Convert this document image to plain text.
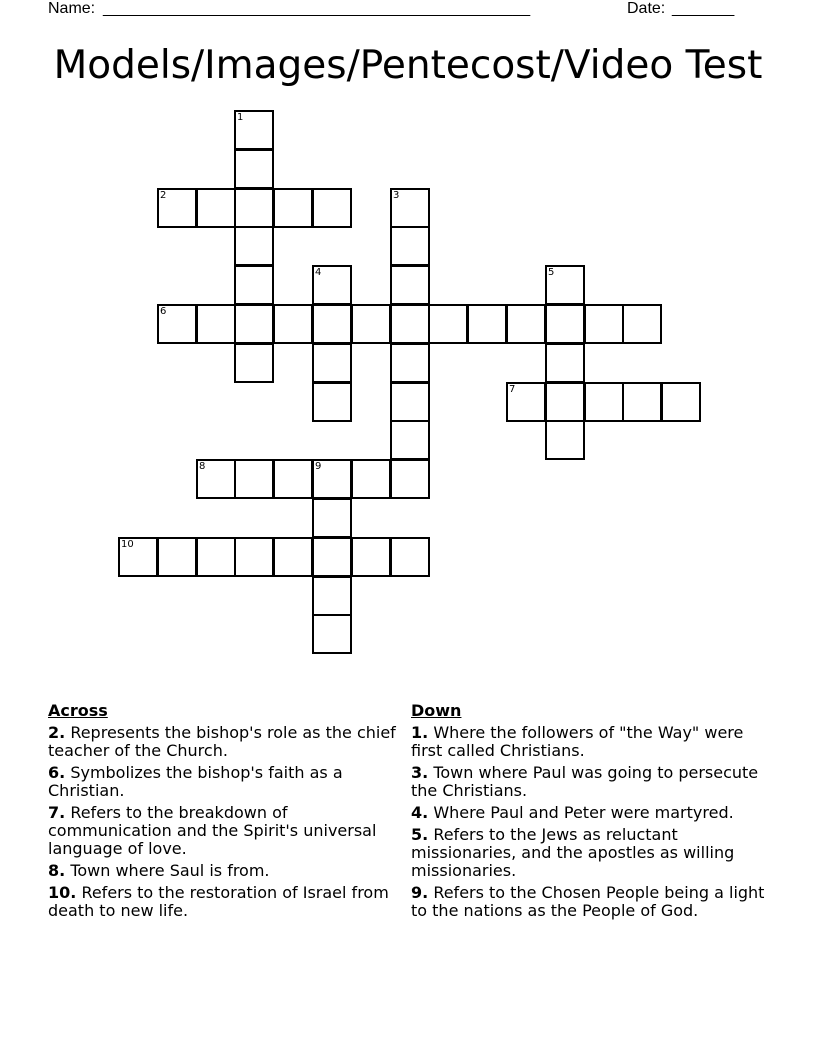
Name: ________________________________________________	Date: _______
Models/Images/Pentecost/Video Test
1
2	3
4	5
6
7
8	9
10
Across
2. Represents the bishop's role as the chief teacher of the Church.
6. Symbolizes the bishop's faith as a Christian.
7. Refers to the breakdown of communication and the Spirit's universal language of love.
8. Town where Saul is from.
10. Refers to the restoration of Israel from death to new life.
Down
1. Where the followers of "the Way" were first called Christians.
3. Town where Paul was going to persecute the Christians.
4. Where Paul and Peter were martyred.
5. Refers to the Jews as reluctant missionaries, and the apostles as willing missionaries.
9. Refers to the Chosen People being a light to the nations as the People of God.
